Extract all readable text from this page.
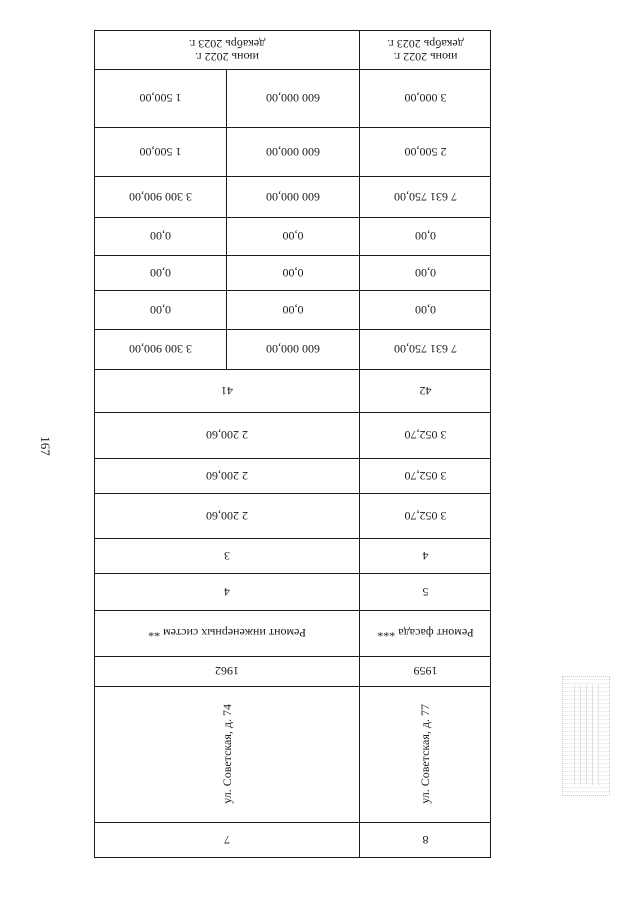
167
июнь 2022 г.
декабрь 2023 г.
июнь 2022 г.
декабрь 2023 г.
1 500,00	600 000,00	3 000,00
1 500,00	600 000,00	2 500,00
3 300 900,00	600 000,00	7 631 750,00
0,00	0,00	0,00
0,00	0,00	0,00
0,00	0,00	0,00
3 300 900,00	600 000,00	7 631 750,00
41	42
2 200,60	3 052,70
2 200,60	3 052,70
2 200,60	3 052,70
3	4
4	5
Ремонт инженерных систем **	Ремонт фасада ***
1962	1959
ул. Советская, д. 74	ул. Советская, д. 77
7	8
